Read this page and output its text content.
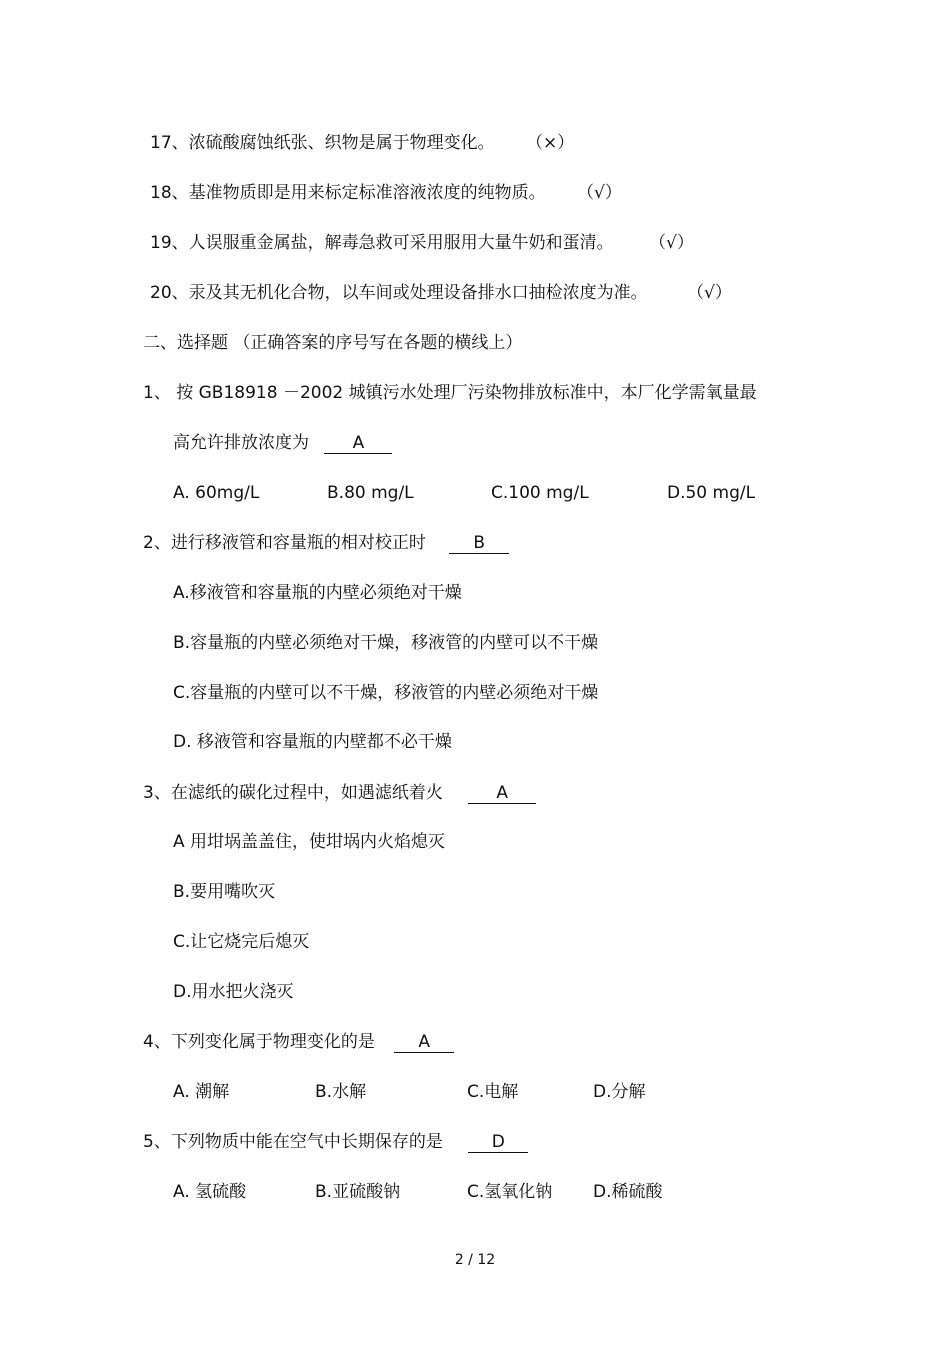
17、浓硫酸腐蚀纸张、织物是属于物理变化。 （×）
18、基准物质即是用来标定标准溶液浓度的纯物质。 （√）
19、人误服重金属盐，解毒急救可采用服用大量牛奶和蛋清。 （√）
20、汞及其无机化合物，以车间或处理设备排水口抽检浓度为准。 （√）
二、选择题 （正确答案的序号写在各题的横线上）
1、 按 GB18918 －2002 城镇污水处理厂污染物排放标准中，本厂化学需氧量最
高允许排放浓度为	A
A. 60mg/L	B.80 mg/L	C.100 mg/L	D.50 mg/L
2、进行移液管和容量瓶的相对校正时	B
A.移液管和容量瓶的内壁必须绝对干燥
B.容量瓶的内壁必须绝对干燥，移液管的内壁可以不干燥
C.容量瓶的内壁可以不干燥，移液管的内壁必须绝对干燥
D. 移液管和容量瓶的内壁都不必干燥
3、在滤纸的碳化过程中，如遇滤纸着火	A
A 用坩埚盖盖住，使坩埚内火焰熄灭
B.要用嘴吹灭
C.让它烧完后熄灭
D.用水把火浇灭
4、下列变化属于物理变化的是	A
A. 潮解	B.水解	C.电解	D.分解
5、下列物质中能在空气中长期保存的是	D
A. 氢硫酸	B.亚硫酸钠	C.氢氧化钠 D.稀硫酸
2 / 12
